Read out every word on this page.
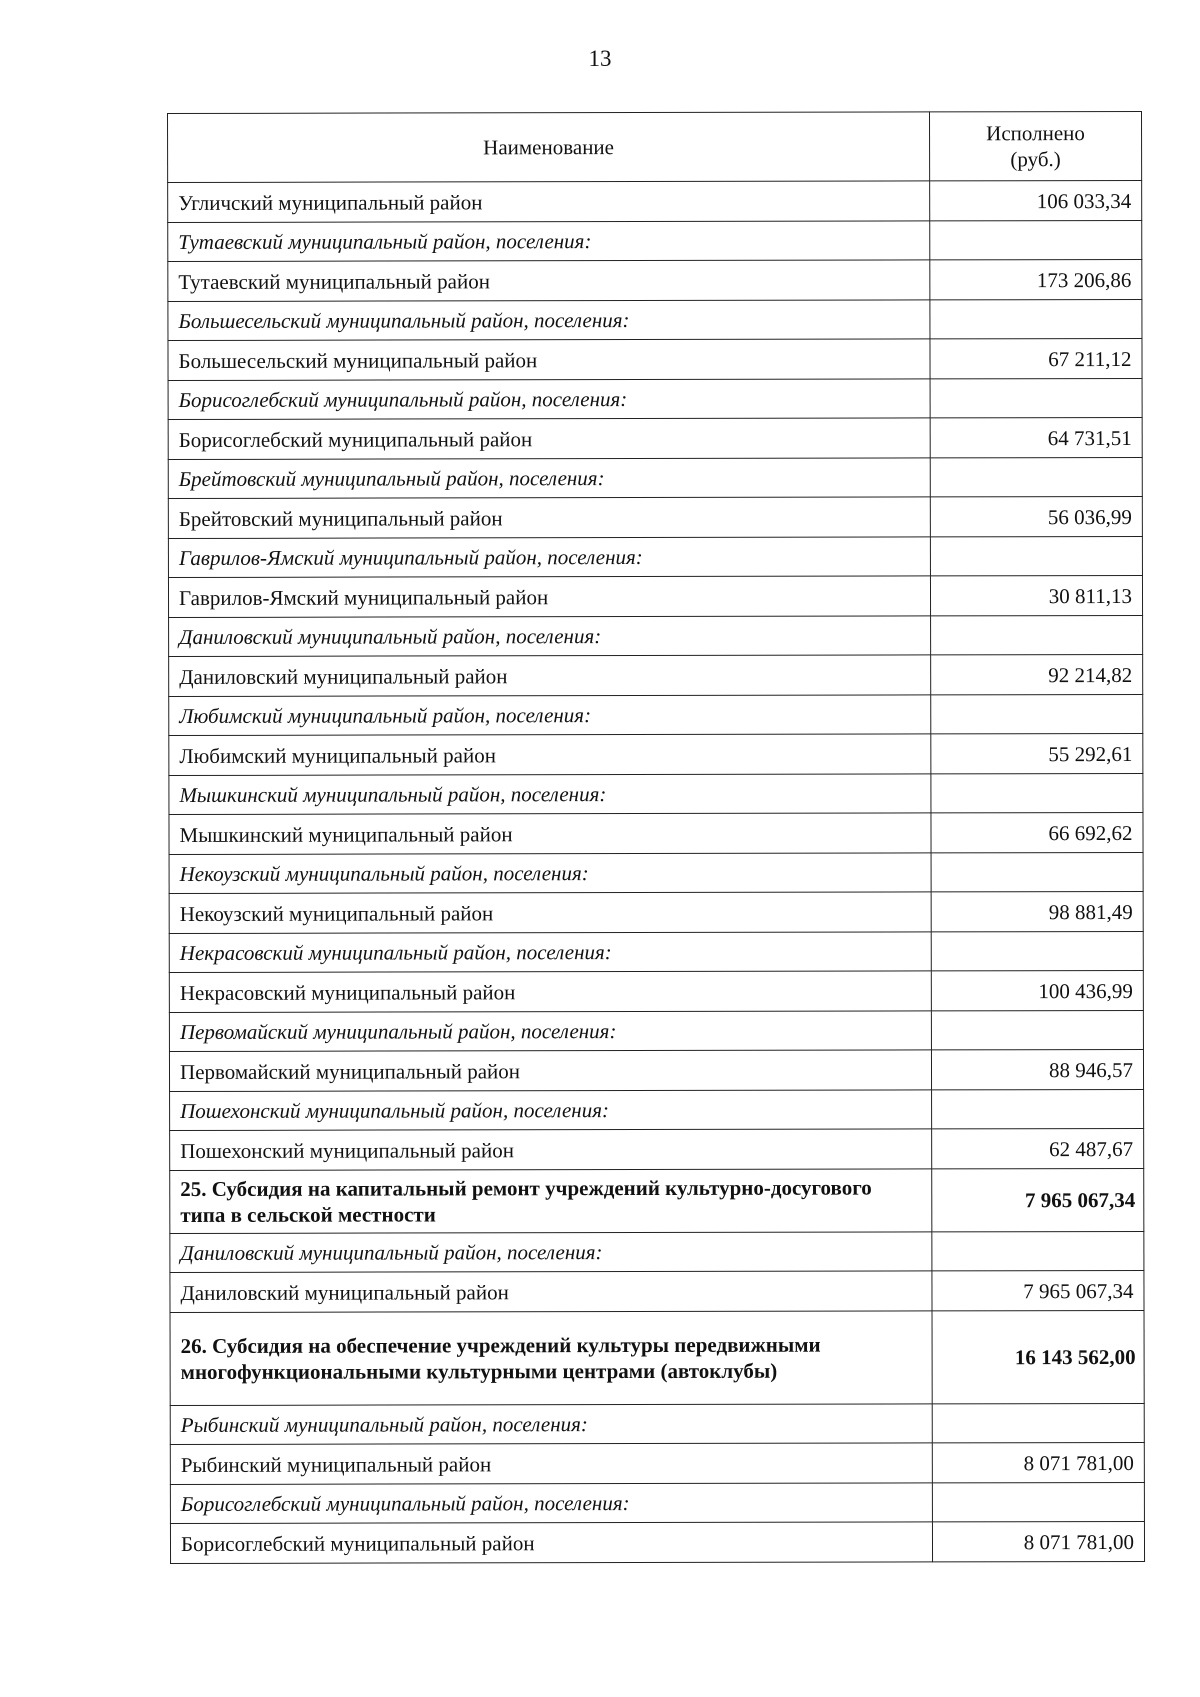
13
Наименование	Исполнено
(руб.)

Угличский муниципальный район	106 033,34
Тутаевский муниципальный район, поселения:	
Тутаевский муниципальный район	173 206,86
Большесельский муниципальный район, поселения:	
Большесельский муниципальный район	67 211,12
Борисоглебский муниципальный район, поселения:	
Борисоглебский муниципальный район	64 731,51
Брейтовский муниципальный район, поселения:	
Брейтовский муниципальный район	56 036,99
Гаврилов-Ямский муниципальный район, поселения:	
Гаврилов-Ямский муниципальный район	30 811,13
Даниловский муниципальный район, поселения:	
Даниловский муниципальный район	92 214,82
Любимский муниципальный район, поселения:	
Любимский муниципальный район	55 292,61
Мышкинский муниципальный район, поселения:	
Мышкинский муниципальный район	66 692,62
Некоузский муниципальный район, поселения:	
Некоузский муниципальный район	98 881,49
Некрасовский муниципальный район, поселения:	
Некрасовский муниципальный район	100 436,99
Первомайский муниципальный район, поселения:	
Первомайский муниципальный район	88 946,57
Пошехонский муниципальный район, поселения:	
Пошехонский муниципальный район	62 487,67
25. Субсидия на капитальный ремонт учреждений культурно-досугового типа в сельской местности	7 965 067,34
Даниловский муниципальный район, поселения:	
Даниловский муниципальный район	7 965 067,34
26. Субсидия на обеспечение учреждений культуры передвижными многофункциональными культурными центрами (автоклубы)	16 143 562,00
Рыбинский муниципальный район, поселения:	
Рыбинский муниципальный район	8 071 781,00
Борисоглебский муниципальный район, поселения:	
Борисоглебский муниципальный район	8 071 781,00
